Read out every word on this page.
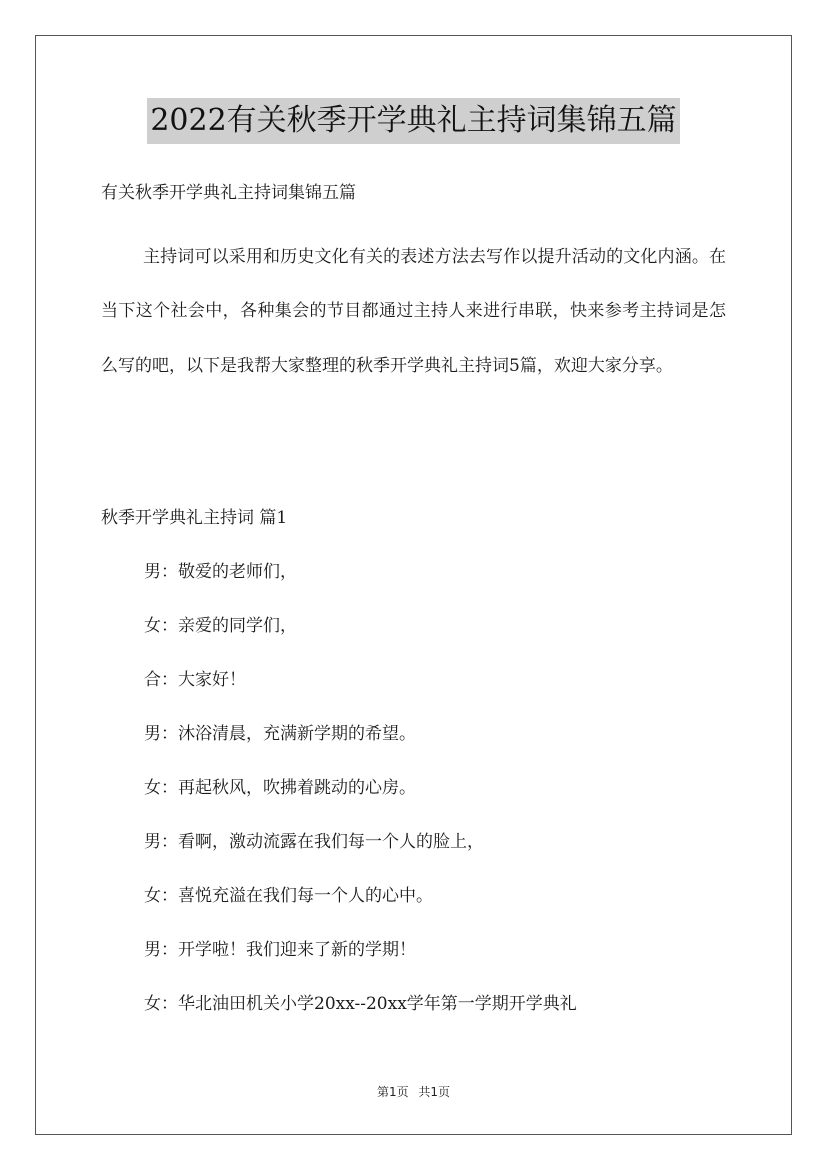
2022有关秋季开学典礼主持词集锦五篇
有关秋季开学典礼主持词集锦五篇
主持词可以采用和历史文化有关的表述方法去写作以提升活动的文化内涵。在当下这个社会中，各种集会的节目都通过主持人来进行串联，快来参考主持词是怎么写的吧，以下是我帮大家整理的秋季开学典礼主持词5篇，欢迎大家分享。
秋季开学典礼主持词 篇1
男：敬爱的老师们，
女：亲爱的同学们，
合：大家好！
男：沐浴清晨，充满新学期的希望。
女：再起秋风，吹拂着跳动的心房。
男：看啊，激动流露在我们每一个人的脸上，
女：喜悦充溢在我们每一个人的心中。
男：开学啦！我们迎来了新的学期！
女：华北油田机关小学20xx--20xx学年第一学期开学典礼
第1页 共1页
